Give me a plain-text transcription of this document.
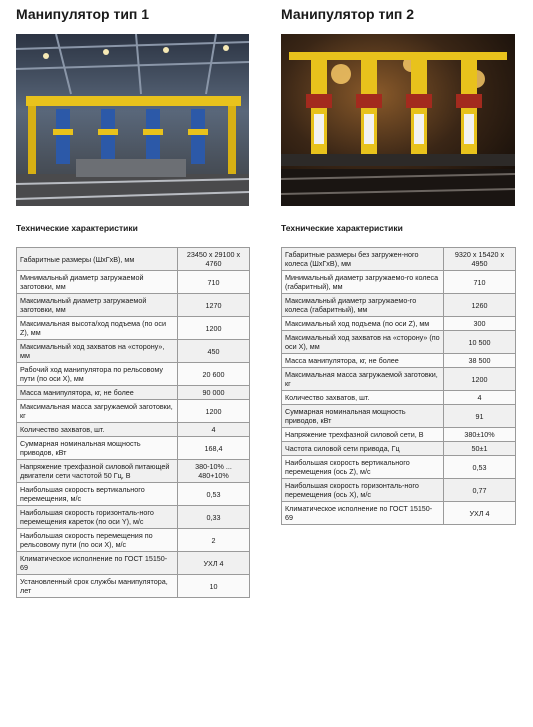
Манипулятор тип 1
Технические характеристики
Габаритные размеры (ШхГхВ), мм	23450 х 29100 х 4760
Минимальный диаметр загружаемой заготовки, мм	710
Максимальный диаметр загружаемой заготовки, мм	1270
Максимальная высота/ход подъема (по оси Z), мм	1200
Максимальный ход захватов на «сторону», мм	450
Рабочий ход манипулятора по рельсовому пути (по оси Х), мм	20 600
Масса манипулятора, кг, не более	90 000
Максимальная масса загружаемой заготовки, кг	1200
Количество захватов, шт.	4
Суммарная номинальная мощность приводов, кВт	168,4
Напряжение трехфазной силовой питающей двигатели сети частотой 50 Гц, В	380-10% ... 480+10%
Наибольшая скорость вертикального перемещения, м/с	0,53
Наибольшая скорость горизонталь-ного перемещения кареток (по оси Y), м/с	0,33
Наибольшая скорость перемещения по рельсовому пути (по оси Х), м/с	2
Климатическое исполнение по ГОСТ 15150-69	УХЛ 4
Установленный срок службы манипулятора, лет	10
Манипулятор тип 2
Технические характеристики
Габаритные размеры без загружен-ного колеса (ШхГхВ), мм	9320 х 15420 х 4950
Минимальный диаметр загружаемо-го колеса (габаритный), мм	710
Максимальный диаметр загружаемо-го колеса (габаритный), мм	1260
Максимальный ход подъема (по оси Z), мм	300
Максимальный ход захватов на «сторону» (по оси Х), мм	10 500
Масса манипулятора, кг, не более	38 500
Максимальная масса загружаемой заготовки, кг	1200
Количество захватов, шт.	4
Суммарная номинальная мощность приводов, кВт	91
Напряжение трехфазной силовой сети, В	380±10%
Частота силовой сети привода, Гц	50±1
Наибольшая скорость вертикального перемещения (ось Z), м/с	0,53
Наибольшая скорость горизонталь-ного перемещения (ось Х), м/с	0,77
Климатическое исполнение по ГОСТ 15150-69	УХЛ 4
